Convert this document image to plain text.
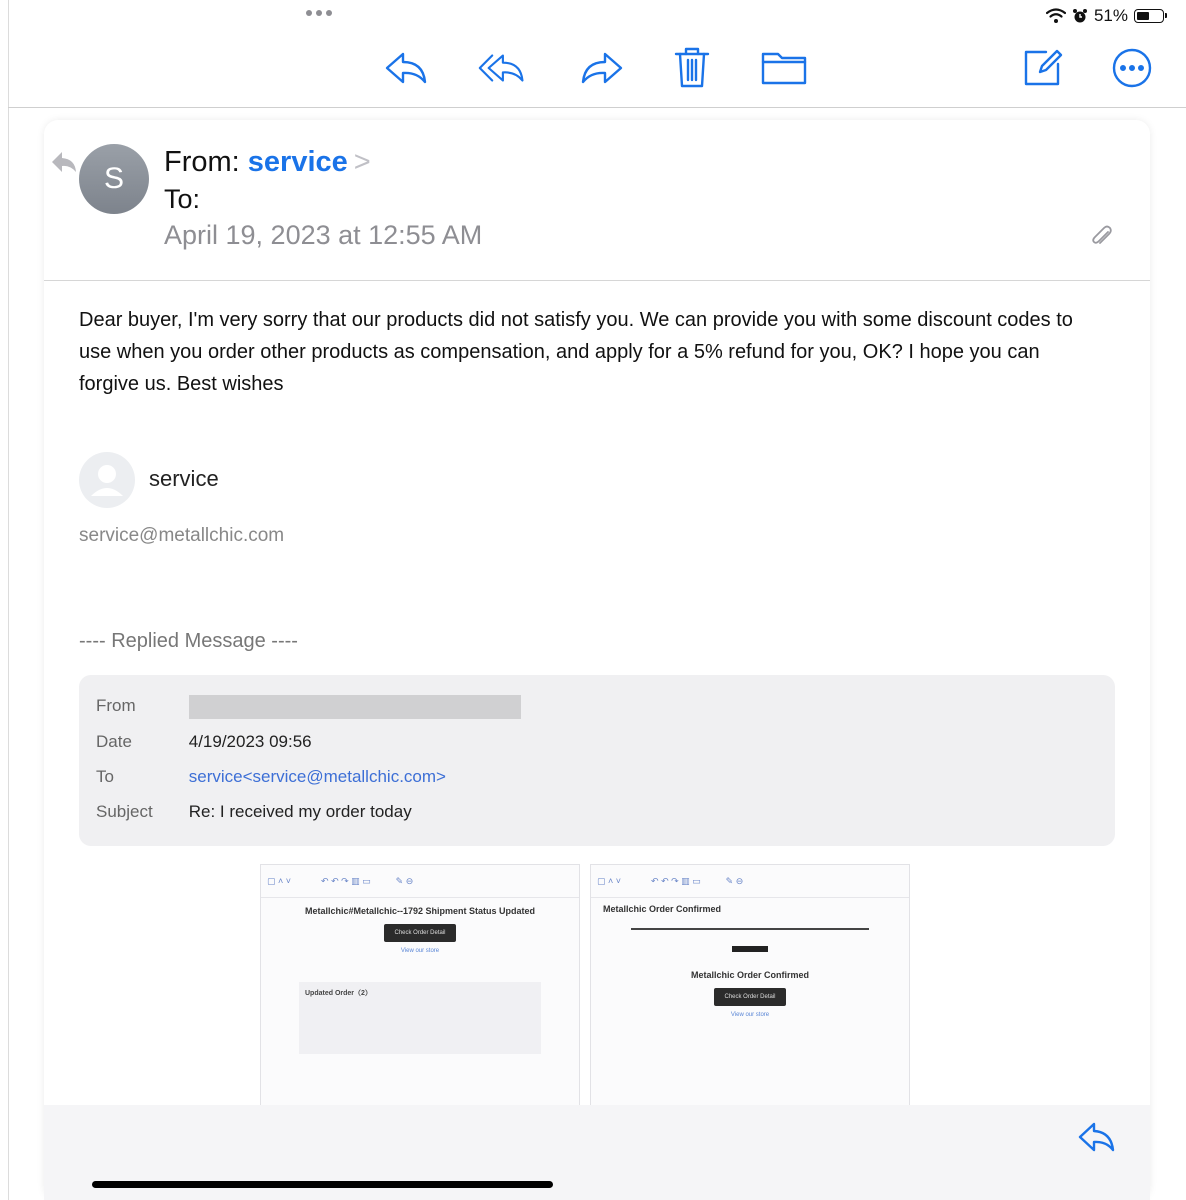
51%
S	From: service >
To:
April 19, 2023 at 12:55 AM
Dear buyer, I'm very sorry that our products did not satisfy you. We can provide you with some discount codes to use when you order other products as compensation, and apply for a 5% refund for you, OK? I hope you can forgive us. Best wishes
service
service@metallchic.com
---- Replied Message ----
From
Date	4/19/2023 09:56
To	service<service@metallchic.com>
Subject Re: I received my order today
▢ ˄ ˅            ↶ ↶ ↷ ▥ ▭          ✎ ⊖
Metallchic#Metallchic--1792 Shipment Status Updated
Check Order Detail
View our store
Updated Order（2）
▢ ˄ ˅            ↶ ↶ ↷ ▥ ▭          ✎ ⊖
Metallchic Order Confirmed
Metallchic Order Confirmed
Check Order Detail
View our store
